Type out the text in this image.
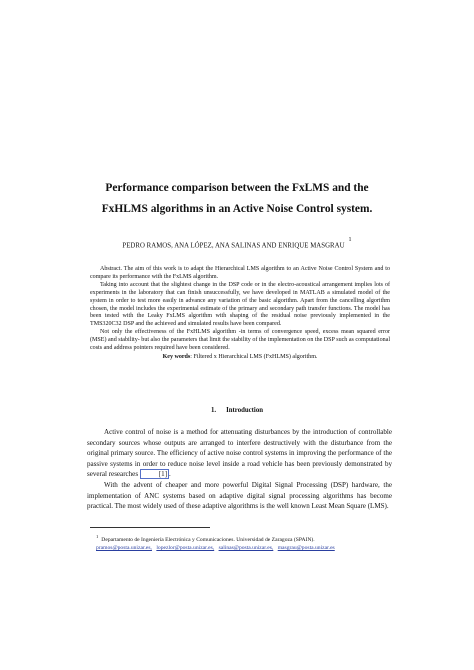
Performance comparison between the FxLMS and the
FxHLMS algorithms in an Active Noise Control system.
PEDRO RAMOS, ANA LÓPEZ, ANA SALINAS AND ENRIQUE MASGRAU$^1$

Abstract. The aim of this work is to adapt the Hierarchical LMS algorithm to an Active Noise Control System and to compare its performance with the FxLMS algorithm.

Taking into account that the slightest change in the DSP code or in the electro-acoustical arrangement implies lots of experiments in the laboratory that can finish unsuccessfully, we have developed in MATLAB a simulated model of the system in order to test more easily in advance any variation of the basic algorithm. Apart from the cancelling algorithm chosen, the model includes the experimental estimate of the primary and secondary path transfer functions. The model has been tested with the Leaky FxLMS algorithm with shaping of the residual noise previously implemented in the TMS320C32 DSP and the achieved and simulated results have been compared.

Not only the effectiveness of the FxHLMS algorithm -in terms of convergence speed, excess mean squared error (MSE) and stability- but also the parameters that limit the stability of the implementation on the DSP such as computational costs and address pointers required have been considered.

Key words: Filtered x Hierarchical LMS (FxHLMS) algorithm.

1. Introduction

Active control of noise is a method for attenuating disturbances by the introduction of controllable secondary sources whose outputs are arranged to interfere destructively with the disturbance from the original primary source. The efficiency of active noise control systems in improving the performance of the passive systems in order to reduce noise level inside a road vehicle has been previously demonstrated by several researches	[1] .

With the advent of cheaper and more powerful Digital Signal Processing (DSP) hardware, the implementation of ANC systems based on adaptive digital signal processing algorithms has become practical. The most widely used of these adaptive algorithms is the well known Least Mean Square (LMS).

$^1$Departamento de Ingeniería Electrónica y Comunicaciones. Universidad de Zaragoza (SPAIN).
pramos@posta.unizar.es, lopezlor@posta.unizar.es, salinas@posta.unizar.es, masgrau@posta.unizar.es
